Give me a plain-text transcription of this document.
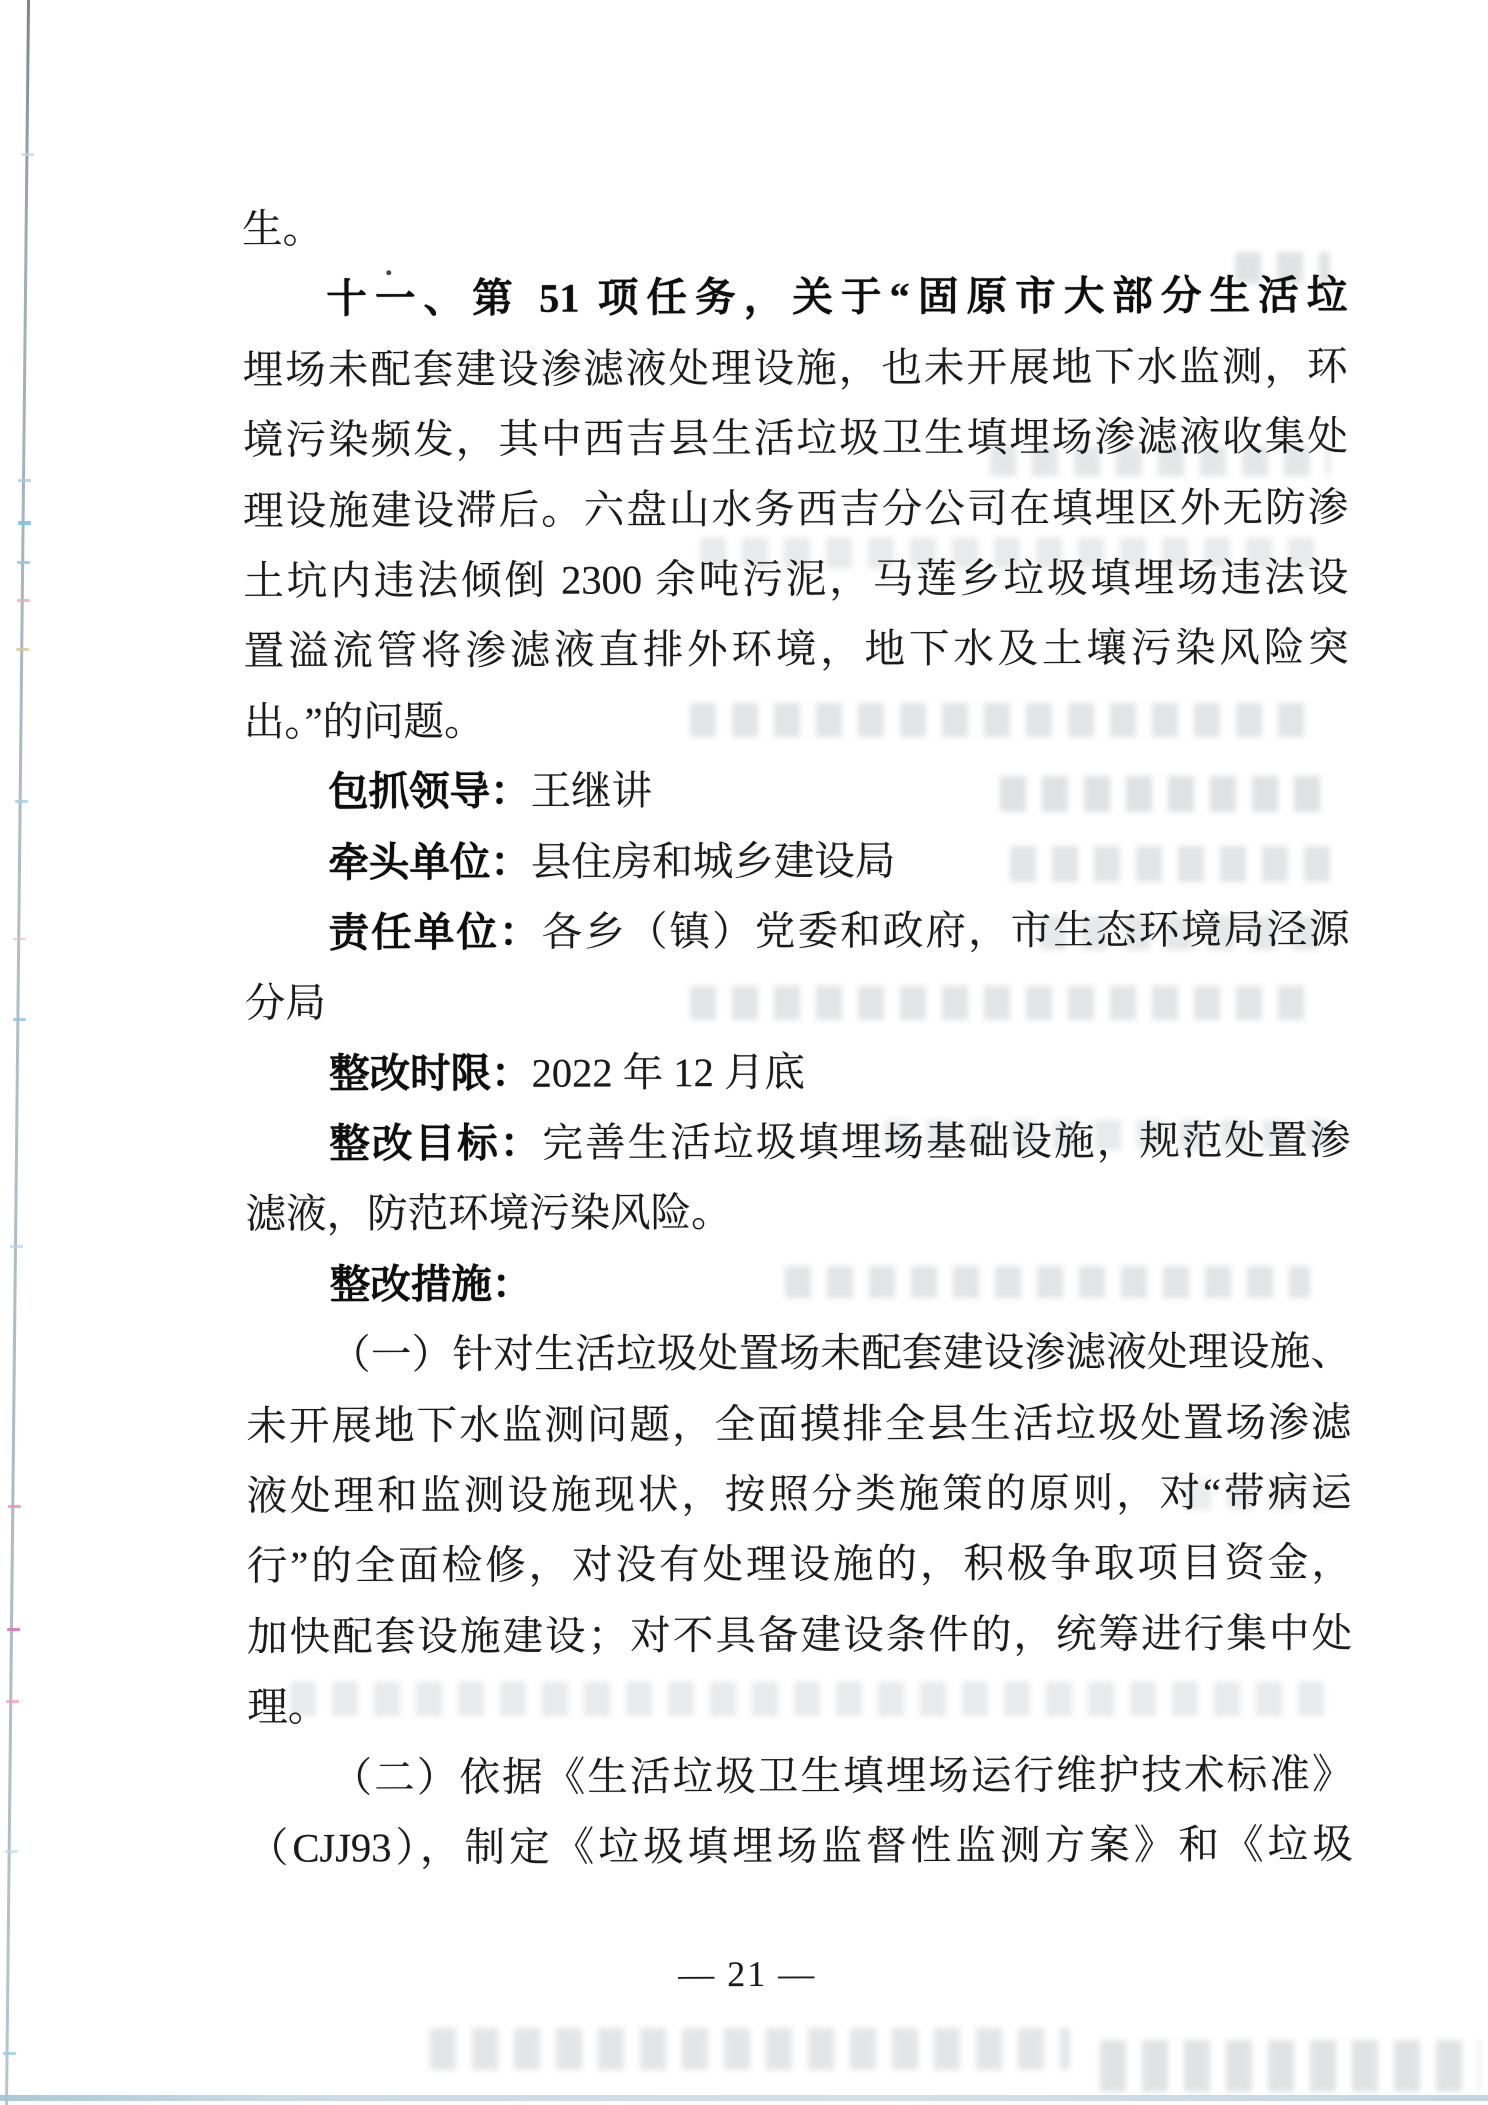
生。
十一、第 51 项任务，关于“固原市大部分生活垃
埋场未配套建设渗滤液处理设施，也未开展地下水监测，环
境污染频发，其中西吉县生活垃圾卫生填埋场渗滤液收集处
理设施建设滞后。六盘山水务西吉分公司在填埋区外无防渗
土坑内违法倾倒 2300 余吨污泥，马莲乡垃圾填埋场违法设
置溢流管将渗滤液直排外环境，地下水及土壤污染风险突
出。”的问题。
包抓领导：王继讲
牵头单位：县住房和城乡建设局
责任单位：各乡（镇）党委和政府，市生态环境局泾源
分局
整改时限：2022 年 12 月底
整改目标：完善生活垃圾填埋场基础设施，规范处置渗
滤液，防范环境污染风险。
整改措施：
（一）针对生活垃圾处置场未配套建设渗滤液处理设施、
未开展地下水监测问题，全面摸排全县生活垃圾处置场渗滤
液处理和监测设施现状，按照分类施策的原则，对“带病运
行”的全面检修，对没有处理设施的，积极争取项目资金，
加快配套设施建设；对不具备建设条件的，统筹进行集中处
理。
（二）依据《生活垃圾卫生填埋场运行维护技术标准》
（CJJ93），制定《垃圾填埋场监督性监测方案》和《垃圾
— 21 —
